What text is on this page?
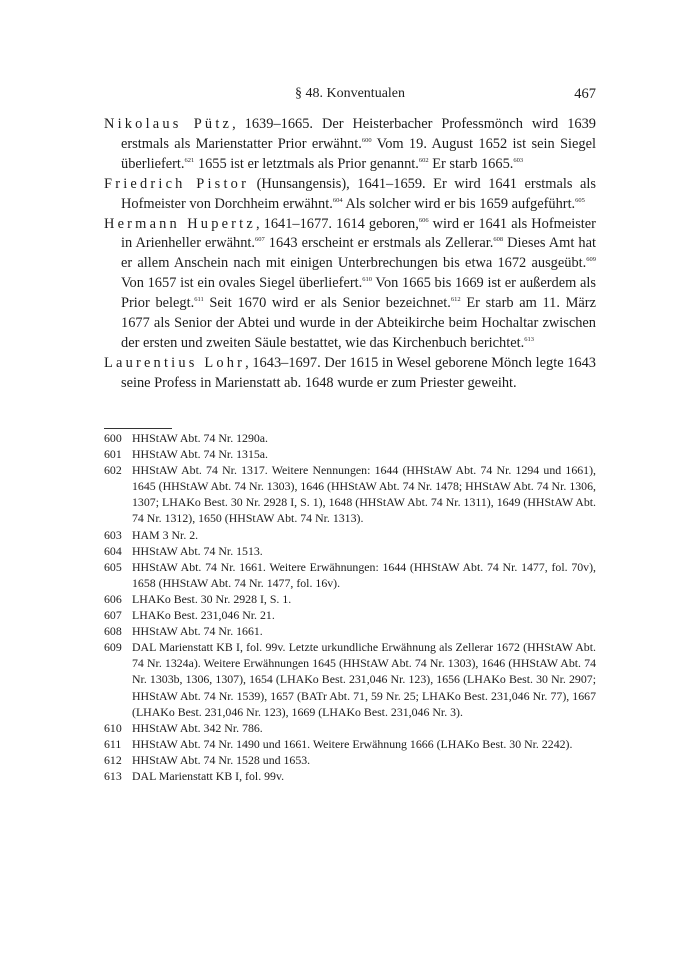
§ 48. Konventualen	467

Nikolaus Pütz, 1639–1665. Der Heisterbacher Professmönch wird 1639 erstmals als Marienstatter Prior erwähnt.$^{600}$ Vom 19. August 1652 ist sein Siegel überliefert.$^{621}$ 1655 ist er letztmals als Prior genannt.$^{602}$ Er starb 1665.$^{603}$

Friedrich Pistor (Hunsangensis), 1641–1659. Er wird 1641 erstmals als Hofmeister von Dorchheim erwähnt.$^{604}$ Als solcher wird er bis 1659 aufgeführt.$^{605}$

Hermann Hupertz, 1641–1677. 1614 geboren,$^{606}$ wird er 1641 als Hofmeister in Arienheller erwähnt.$^{607}$ 1643 erscheint er erstmals als Zellerar.$^{608}$ Dieses Amt hat er allem Anschein nach mit einigen Unterbrechungen bis etwa 1672 ausgeübt.$^{609}$ Von 1657 ist ein ovales Siegel überliefert.$^{610}$ Von 1665 bis 1669 ist er außerdem als Prior belegt.$^{611}$ Seit 1670 wird er als Senior bezeichnet.$^{612}$ Er starb am 11. März 1677 als Senior der Abtei und wurde in der Abteikirche beim Hochaltar zwischen der ersten und zweiten Säule bestattet, wie das Kirchenbuch berichtet.$^{613}$

Laurentius Lohr, 1643–1697. Der 1615 in Wesel geborene Mönch legte 1643 seine Profess in Marienstatt ab. 1648 wurde er zum Priester geweiht.

600 HHStAW Abt. 74 Nr. 1290a.
601 HHStAW Abt. 74 Nr. 1315a.
602 HHStAW Abt. 74 Nr. 1317. Weitere Nennungen: 1644 (HHStAW Abt. 74 Nr. 1294 und 1661), 1645 (HHStAW Abt. 74 Nr. 1303), 1646 (HHStAW Abt. 74 Nr. 1478; HHStAW Abt. 74 Nr. 1306, 1307; LHAKo Best. 30 Nr. 2928 I, S. 1), 1648 (HHStAW Abt. 74 Nr. 1311), 1649 (HHStAW Abt. 74 Nr. 1312), 1650 (HHStAW Abt. 74 Nr. 1313).
603 HAM 3 Nr. 2.
604 HHStAW Abt. 74 Nr. 1513.
605 HHStAW Abt. 74 Nr. 1661. Weitere Erwähnungen: 1644 (HHStAW Abt. 74 Nr. 1477, fol. 70v), 1658 (HHStAW Abt. 74 Nr. 1477, fol. 16v).
606 LHAKo Best. 30 Nr. 2928 I, S. 1.
607 LHAKo Best. 231,046 Nr. 21.
608 HHStAW Abt. 74 Nr. 1661.
609 DAL Marienstatt KB I, fol. 99v. Letzte urkundliche Erwähnung als Zellerar 1672 (HHStAW Abt. 74 Nr. 1324a). Weitere Erwähnungen 1645 (HHStAW Abt. 74 Nr. 1303), 1646 (HHStAW Abt. 74 Nr. 1303b, 1306, 1307), 1654 (LHAKo Best. 231,046 Nr. 123), 1656 (LHAKo Best. 30 Nr. 2907; HHStAW Abt. 74 Nr. 1539), 1657 (BATr Abt. 71, 59 Nr. 25; LHAKo Best. 231,046 Nr. 77), 1667 (LHAKo Best. 231,046 Nr. 123), 1669 (LHAKo Best. 231,046 Nr. 3).
610 HHStAW Abt. 342 Nr. 786.
611 HHStAW Abt. 74 Nr. 1490 und 1661. Weitere Erwähnung 1666 (LHAKo Best. 30 Nr. 2242).
612 HHStAW Abt. 74 Nr. 1528 und 1653.
613 DAL Marienstatt KB I, fol. 99v.
